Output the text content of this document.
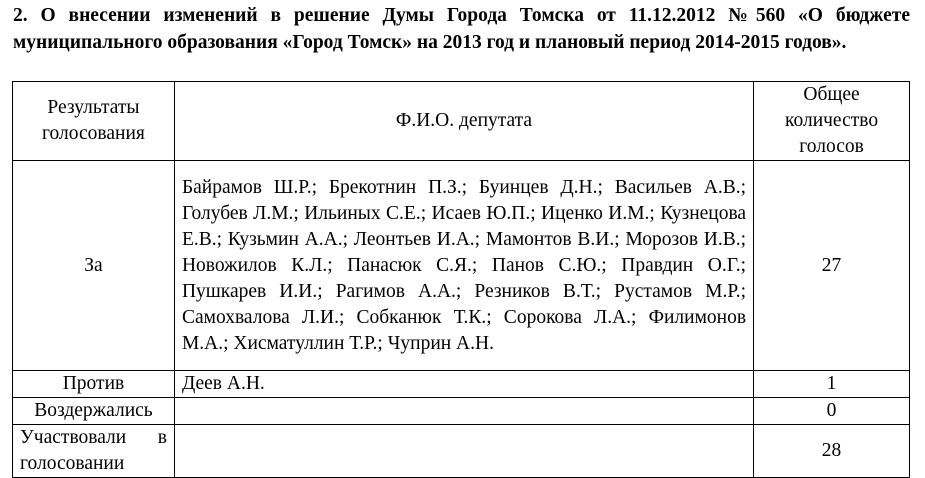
2. О внесении изменений в решение Думы Города Томска от 11.12.2012 №560 «О бюджете муниципального образования «Город Томск» на 2013 год и плановый период 2014-2015 годов».
Результаты голосования	Ф.И.О. депутата	Общее количество голосов
За	Байрамов Ш.Р.; Брекотнин П.З.; Буинцев Д.Н.; Васильев А.В.; Голубев Л.М.; Ильиных С.Е.; Исаев Ю.П.; Иценко И.М.; Кузнецова Е.В.; Кузьмин А.А.; Леонтьев И.А.; Мамонтов В.И.; Морозов И.В.; Новожилов К.Л.; Панасюк С.Я.; Панов С.Ю.; Правдин О.Г.; Пушкарев И.И.; Рагимов А.А.; Резников В.Т.; Рустамов М.Р.; Самохвалова Л.И.; Собканюк Т.К.; Сорокова Л.А.; Филимонов М.А.; Хисматуллин Т.Р.; Чуприн А.Н.	27
Против	Деев А.Н.	1
Воздержались		0
Участвовали в голосовании		28
